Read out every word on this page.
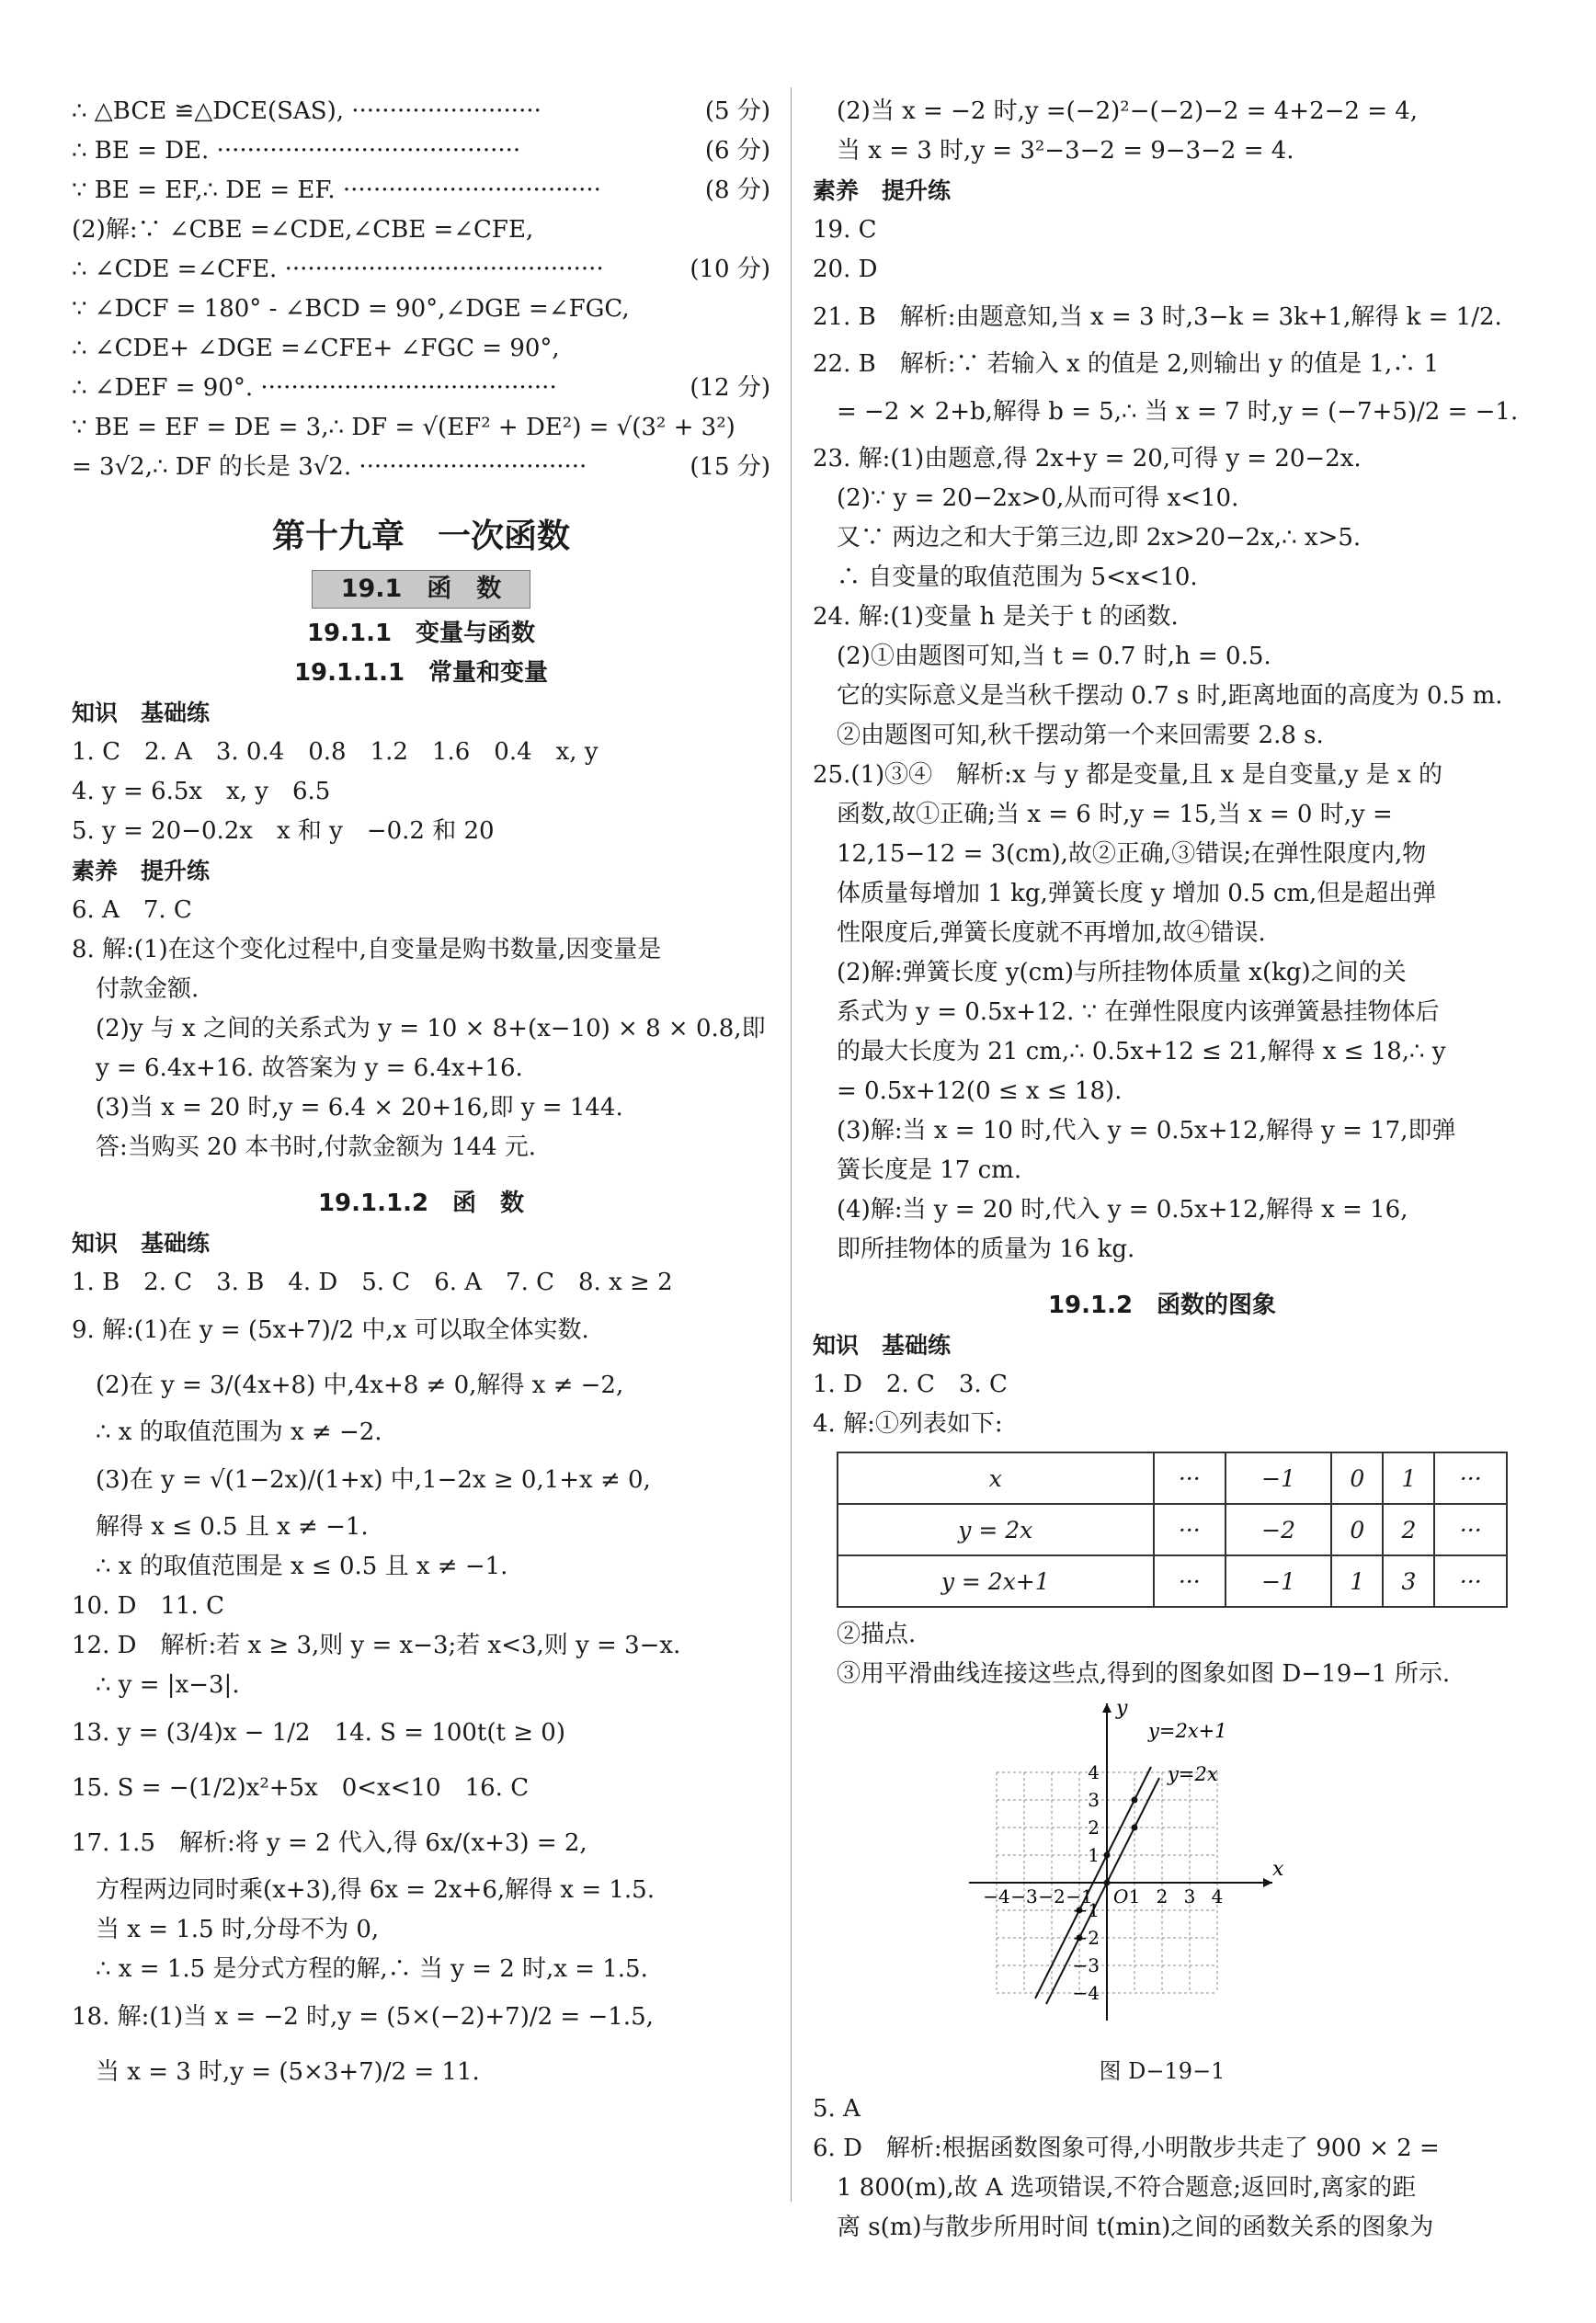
∴ △BCE ≌△DCE(SAS), ·························	(5 分)
∴ BE = DE. ········································	(6 分)
∵ BE = EF,∴ DE = EF. ··································	(8 分)
(2)解:∵ ∠CBE =∠CDE,∠CBE =∠CFE,
∴ ∠CDE =∠CFE. ··········································	(10 分)
∵ ∠DCF = 180° - ∠BCD = 90°,∠DGE =∠FGC,
∴ ∠CDE+ ∠DGE =∠CFE+ ∠FGC = 90°,
∴ ∠DEF = 90°. ·······································	(12 分)
∵ BE = EF = DE = 3,∴ DF = √(EF² + DE²) = √(3² + 3²)
= 3√2,∴ DF 的长是 3√2. ······························	(15 分)
第十九章　一次函数
19.1　函　数
19.1.1　变量与函数
19.1.1.1　常量和变量
知识　基础练
1. C　2. A　3. 0.4　0.8　1.2　1.6　0.4　x, y
4. y = 6.5x　x, y　6.5
5. y = 20−0.2x　x 和 y　−0.2 和 20
素养　提升练
6. A　7. C
8. 解:(1)在这个变化过程中,自变量是购书数量,因变量是
付款金额.
(2)y 与 x 之间的关系式为 y = 10 × 8+(x−10) × 8 × 0.8,即
y = 6.4x+16. 故答案为 y = 6.4x+16.
(3)当 x = 20 时,y = 6.4 × 20+16,即 y = 144.
答:当购买 20 本书时,付款金额为 144 元.
19.1.1.2　函　数
知识　基础练
1. B　2. C　3. B　4. D　5. C　6. A　7. C　8. x ≥ 2
9. 解:(1)在 y = (5x+7)/2 中,x 可以取全体实数.
(2)在 y = 3/(4x+8) 中,4x+8 ≠ 0,解得 x ≠ −2,
∴ x 的取值范围为 x ≠ −2.
(3)在 y = √(1−2x)/(1+x) 中,1−2x ≥ 0,1+x ≠ 0,
解得 x ≤ 0.5 且 x ≠ −1.
∴ x 的取值范围是 x ≤ 0.5 且 x ≠ −1.
10. D　11. C
12. D　解析:若 x ≥ 3,则 y = x−3;若 x<3,则 y = 3−x.
∴ y = |x−3|.
13. y = (3/4)x − 1/2　14. S = 100t(t ≥ 0)
15. S = −(1/2)x²+5x　0<x<10　16. C
17. 1.5　解析:将 y = 2 代入,得 6x/(x+3) = 2,
方程两边同时乘(x+3),得 6x = 2x+6,解得 x = 1.5.
当 x = 1.5 时,分母不为 0,
∴ x = 1.5 是分式方程的解,∴ 当 y = 2 时,x = 1.5.
18. 解:(1)当 x = −2 时,y = (5×(−2)+7)/2 = −1.5,
当 x = 3 时,y = (5×3+7)/2 = 11.
(2)当 x = −2 时,y =(−2)²−(−2)−2 = 4+2−2 = 4,
当 x = 3 时,y = 3²−3−2 = 9−3−2 = 4.
素养　提升练
19. C
20. D
21. B　解析:由题意知,当 x = 3 时,3−k = 3k+1,解得 k = 1/2.
22. B　解析:∵ 若输入 x 的值是 2,则输出 y 的值是 1,∴ 1
= −2 × 2+b,解得 b = 5,∴ 当 x = 7 时,y = (−7+5)/2 = −1.
23. 解:(1)由题意,得 2x+y = 20,可得 y = 20−2x.
(2)∵ y = 20−2x>0,从而可得 x<10.
又∵ 两边之和大于第三边,即 2x>20−2x,∴ x>5.
∴ 自变量的取值范围为 5<x<10.
24. 解:(1)变量 h 是关于 t 的函数.
(2)①由题图可知,当 t = 0.7 时,h = 0.5.
它的实际意义是当秋千摆动 0.7 s 时,距离地面的高度为 0.5 m.
②由题图可知,秋千摆动第一个来回需要 2.8 s.
25.(1)③④　解析:x 与 y 都是变量,且 x 是自变量,y 是 x 的
函数,故①正确;当 x = 6 时,y = 15,当 x = 0 时,y =
12,15−12 = 3(cm),故②正确,③错误;在弹性限度内,物
体质量每增加 1 kg,弹簧长度 y 增加 0.5 cm,但是超出弹
性限度后,弹簧长度就不再增加,故④错误.
(2)解:弹簧长度 y(cm)与所挂物体质量 x(kg)之间的关
系式为 y = 0.5x+12. ∵ 在弹性限度内该弹簧悬挂物体后
的最大长度为 21 cm,∴ 0.5x+12 ≤ 21,解得 x ≤ 18,∴ y
= 0.5x+12(0 ≤ x ≤ 18).
(3)解:当 x = 10 时,代入 y = 0.5x+12,解得 y = 17,即弹
簧长度是 17 cm.
(4)解:当 y = 20 时,代入 y = 0.5x+12,解得 x = 16,
即所挂物体的质量为 16 kg.
19.1.2　函数的图象
知识　基础练
1. D　2. C　3. C
4. 解:①列表如下:
x	···	−1	0	1	···
y = 2x	···	−2	0	2	···
y = 2x+1	···	−1	1	3	···
②描点.
③用平滑曲线连接这些点,得到的图象如图 D−19−1 所示.
−4 −3 −2 −1 1 2 3 4
4
3
2
1
−1
−2
−3
−4
O
x
y
y=2x+1
y=2x
图 D−19−1
5. A
6. D　解析:根据函数图象可得,小明散步共走了 900 × 2 =
1 800(m),故 A 选项错误,不符合题意;返回时,离家的距
离 s(m)与散步所用时间 t(min)之间的函数关系的图象为
